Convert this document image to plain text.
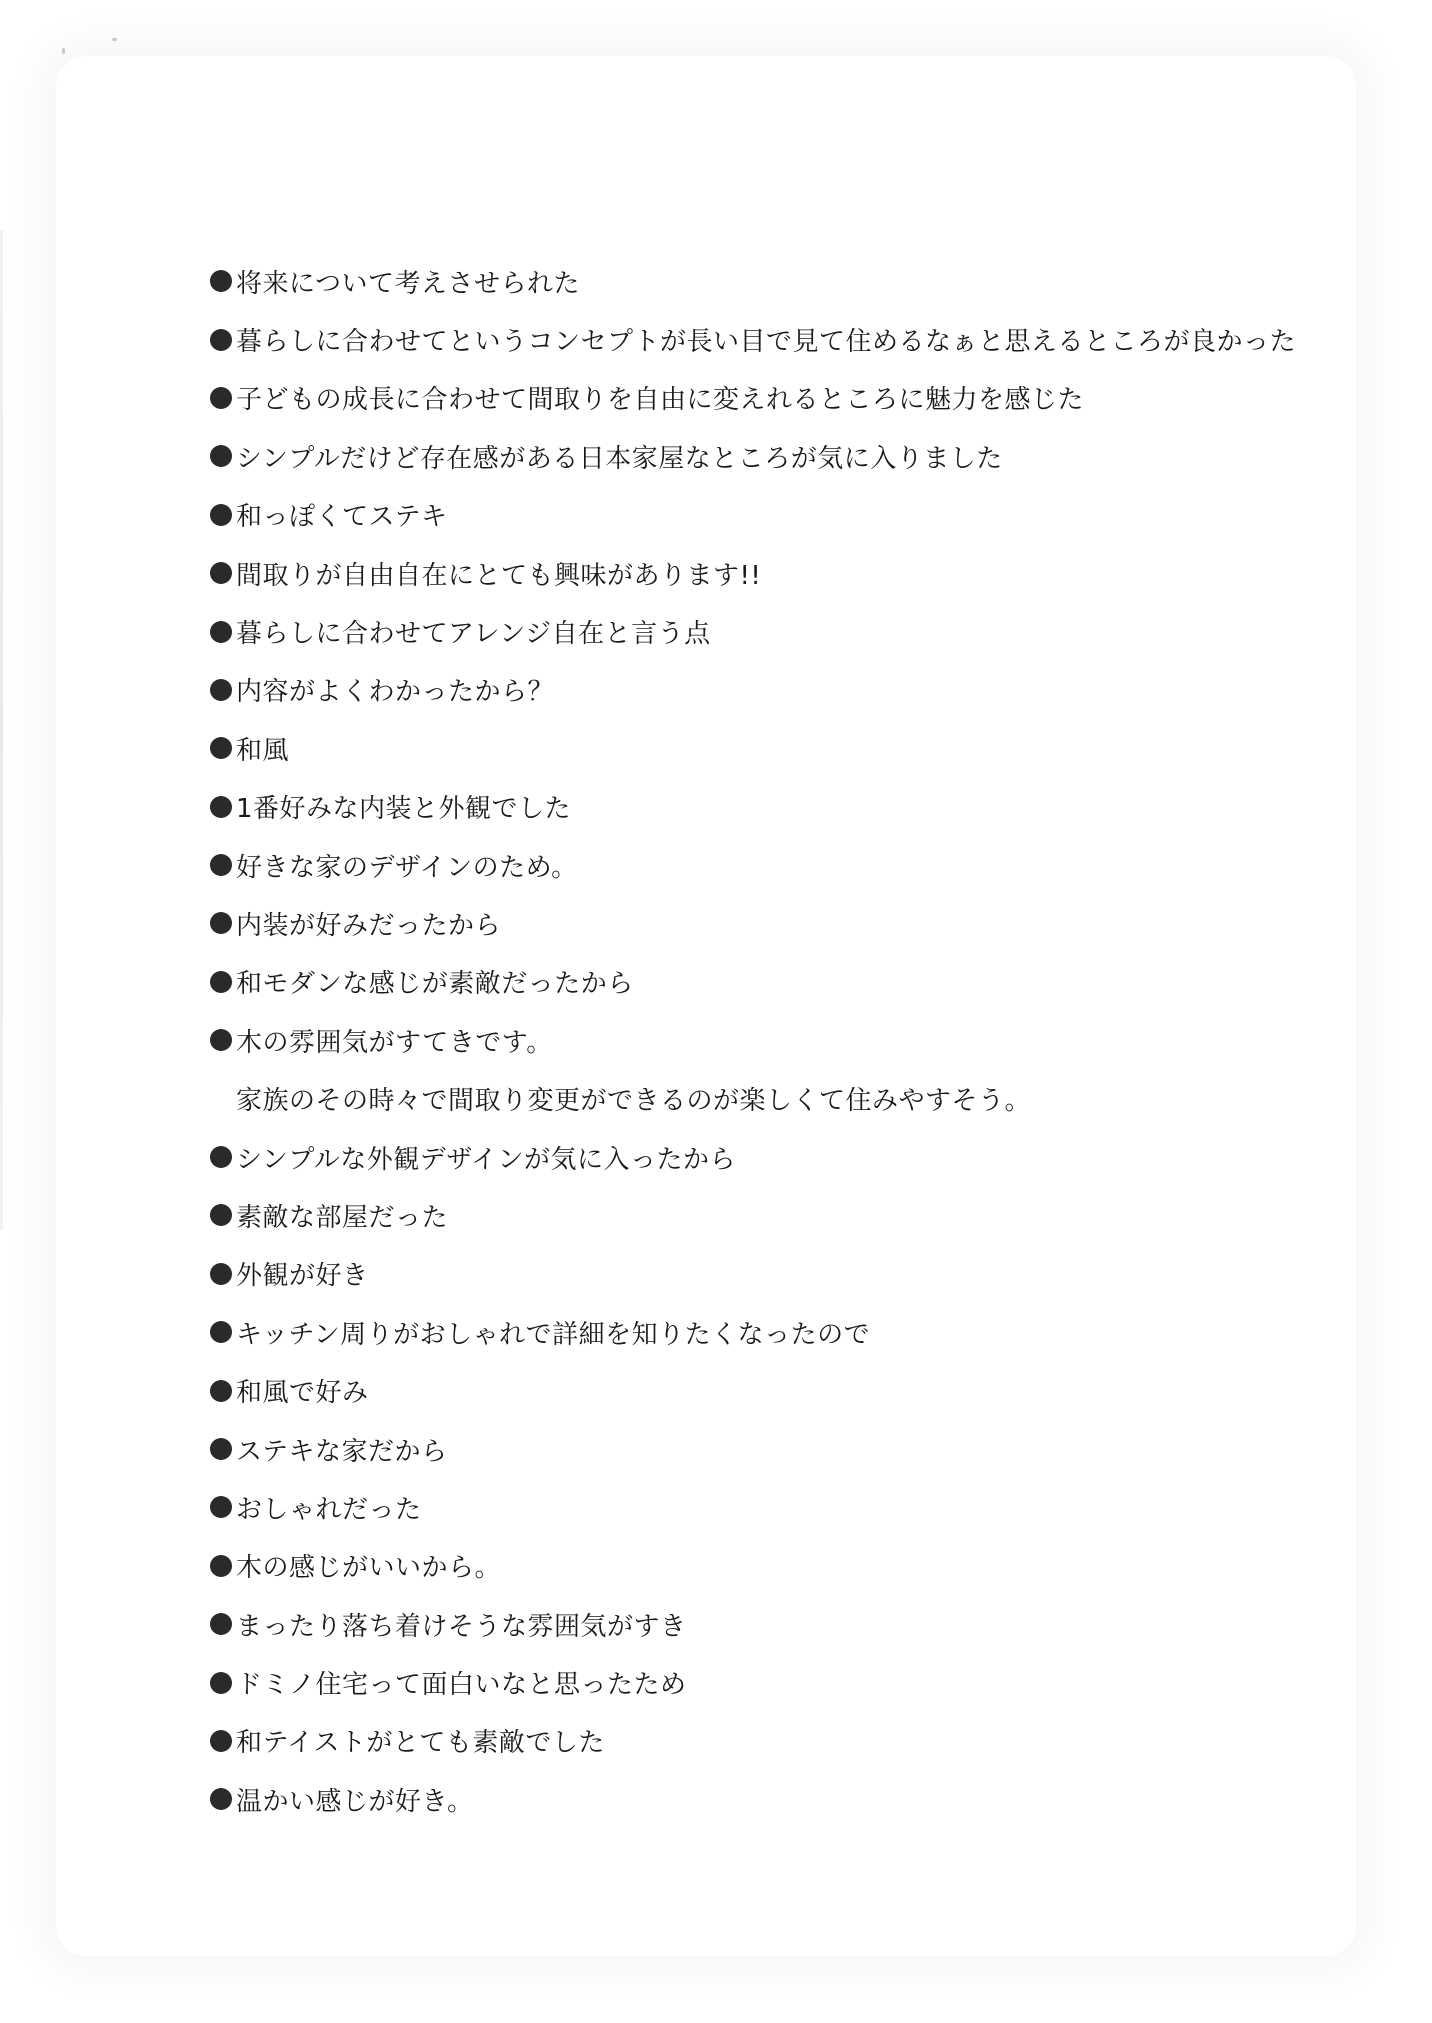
将来について考えさせられた
暮らしに合わせてというコンセプトが長い目で見て住めるなぁと思えるところが良かった
子どもの成長に合わせて間取りを自由に変えれるところに魅力を感じた
シンプルだけど存在感がある日本家屋なところが気に入りました
和っぽくてステキ
間取りが自由自在にとても興味があります!!
暮らしに合わせてアレンジ自在と言う点
内容がよくわかったから？
和風
1番好みな内装と外観でした
好きな家のデザインのため。
内装が好みだったから
和モダンな感じが素敵だったから
木の雰囲気がすてきです。
家族のその時々で間取り変更ができるのが楽しくて住みやすそう。
シンプルな外観デザインが気に入ったから
素敵な部屋だった
外観が好き
キッチン周りがおしゃれで詳細を知りたくなったので
和風で好み
ステキな家だから
おしゃれだった
木の感じがいいから。
まったり落ち着けそうな雰囲気がすき
ドミノ住宅って面白いなと思ったため
和テイストがとても素敵でした
温かい感じが好き。
